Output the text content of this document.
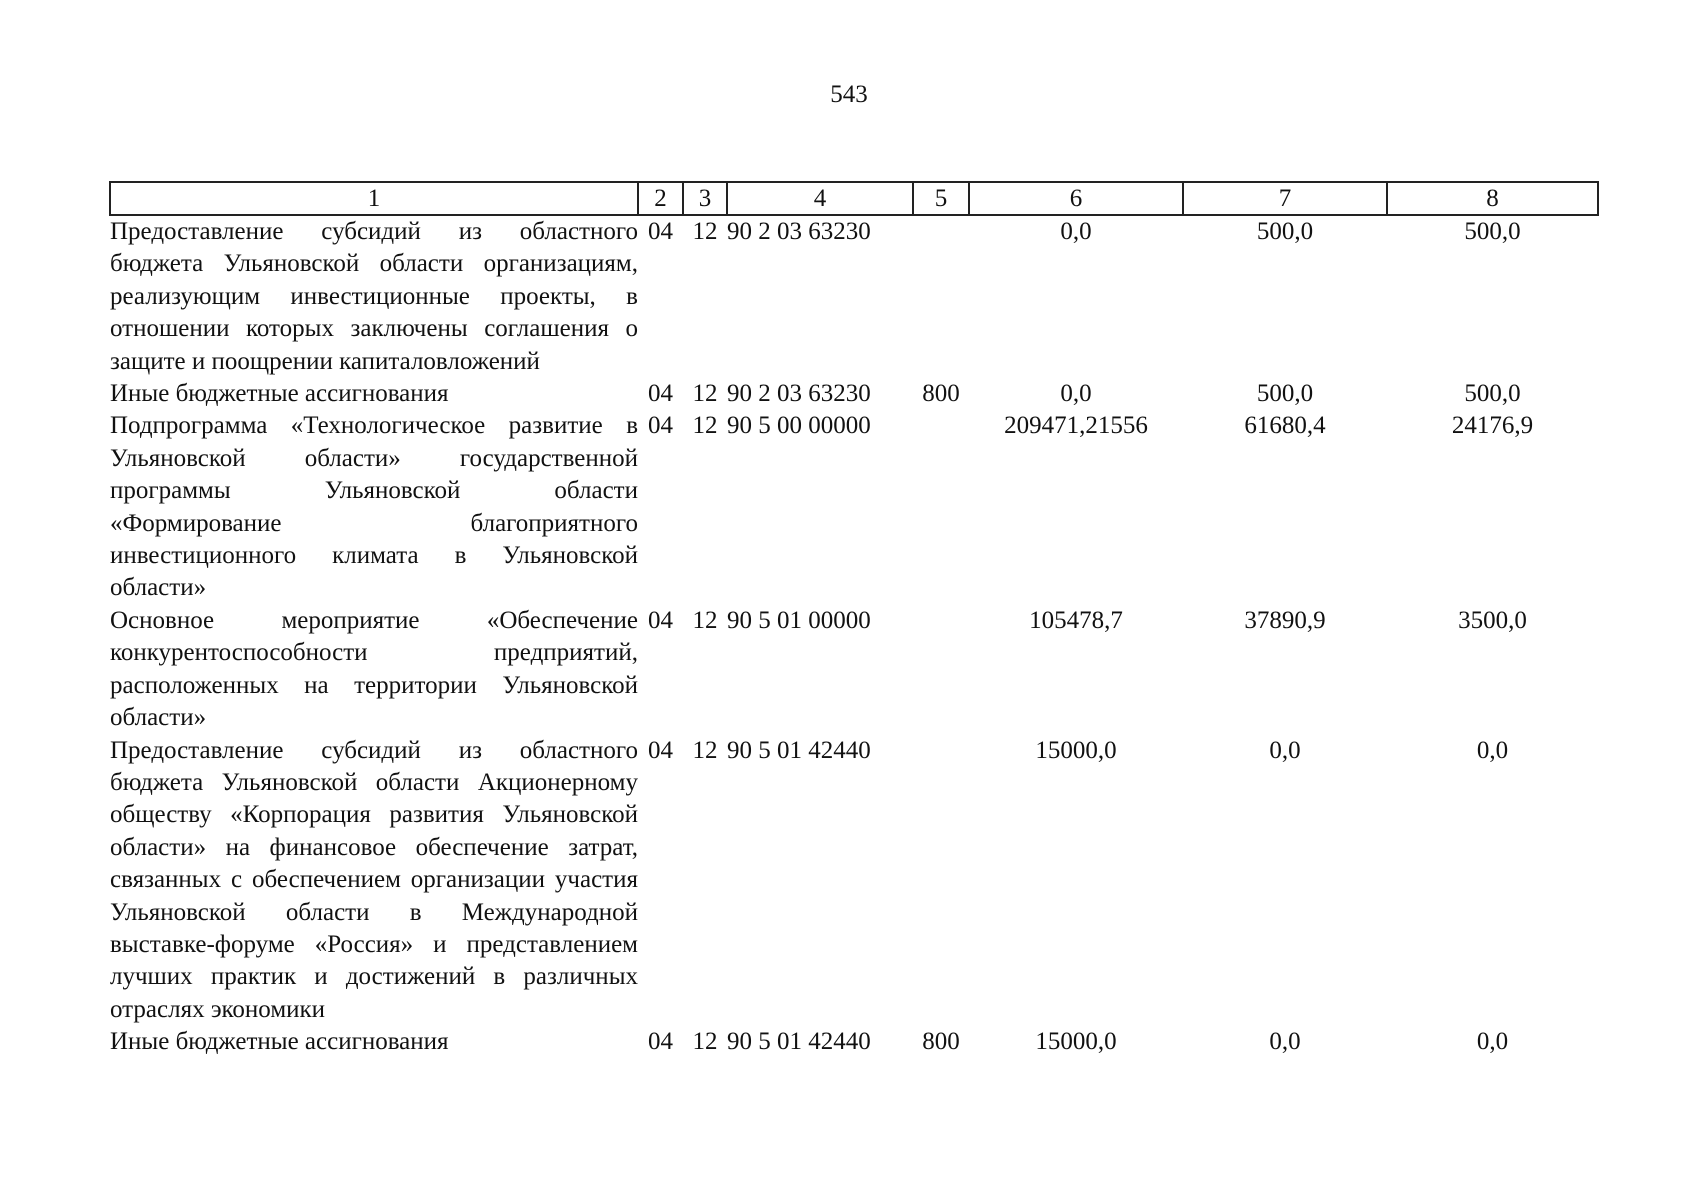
543
1	2	3	4	5	6	7	8
Предоставление субсидий из областного бюджета Ульяновской области организациям, реализующим инвестиционные проекты, в отношении которых заключены соглашения о защите и поощрении капиталовложений	04	12	90 2 03 63230		0,0	500,0	500,0
Иные бюджетные ассигнования	04	12	90 2 03 63230	800	0,0	500,0	500,0
Подпрограмма «Технологическое развитие в Ульяновской области» государственной программы Ульяновской области «Формирование благоприятного инвестиционного климата в Ульяновской области»	04	12	90 5 00 00000		209471,21556	61680,4	24176,9
Основное мероприятие «Обеспечение конкурентоспособности предприятий, расположенных на территории Ульяновской области»	04	12	90 5 01 00000		105478,7	37890,9	3500,0
Предоставление субсидий из областного бюджета Ульяновской области Акционерному обществу «Корпорация развития Ульяновской области» на финансовое обеспечение затрат, связанных с обеспечением организации участия Ульяновской области в Международной выставке-форуме «Россия» и представлением лучших практик и достижений в различных отраслях экономики	04	12	90 5 01 42440		15000,0	0,0	0,0
Иные бюджетные ассигнования	04	12	90 5 01 42440	800	15000,0	0,0	0,0
